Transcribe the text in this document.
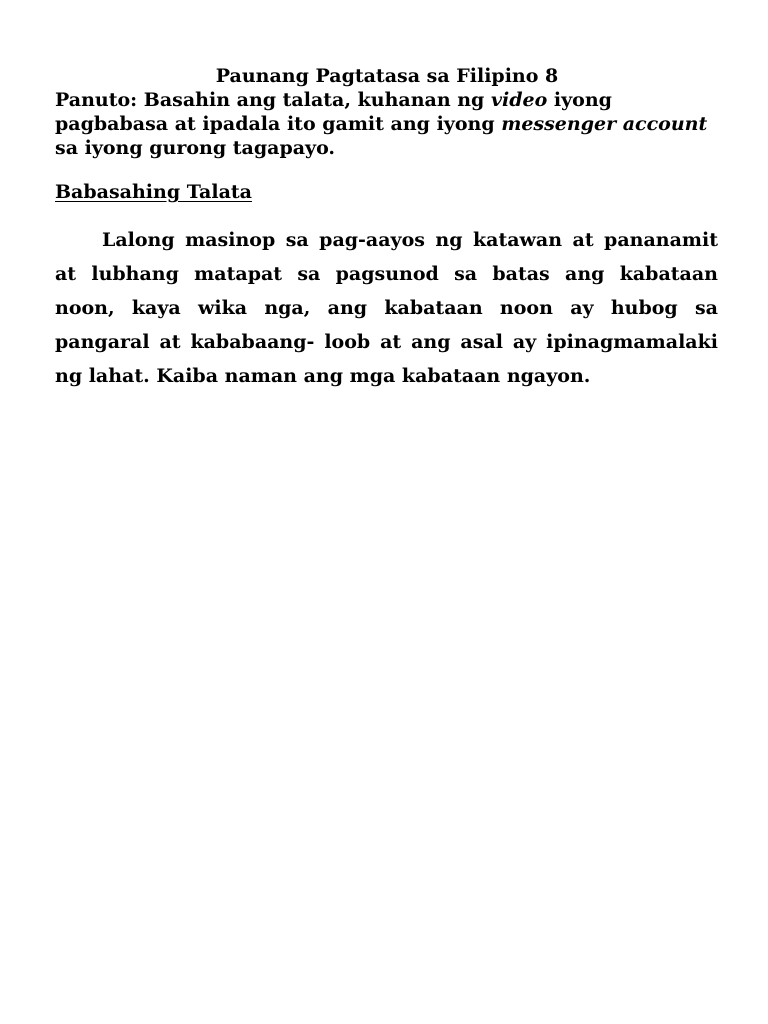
Paunang Pagtatasa sa Filipino 8
Panuto: Basahin ang talata, kuhanan ng video iyong
pagbabasa at ipadala ito gamit ang iyong messenger account
sa iyong gurong tagapayo.
Babasahing Talata
Lalong masinop sa pag-aayos ng katawan at pananamit
at lubhang matapat sa pagsunod sa batas ang kabataan
noon, kaya wika nga, ang kabataan noon ay hubog sa
pangaral at kababaang- loob at ang asal ay ipinagmamalaki
ng lahat. Kaiba naman ang mga kabataan ngayon.
